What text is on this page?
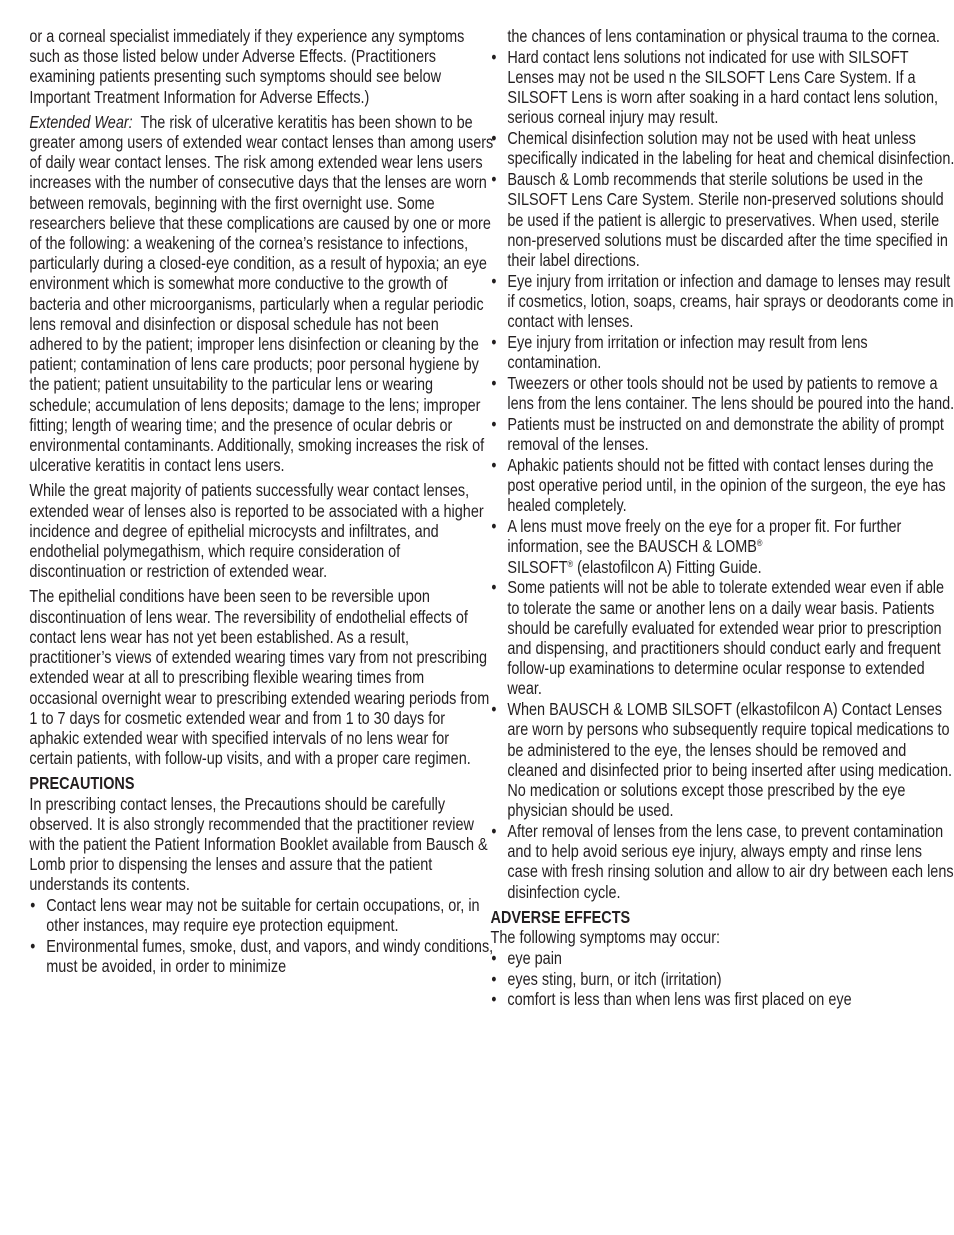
or a corneal specialist immediately if they experience any symptoms such as those listed below under Adverse Effects. (Practitioners examining patients presenting such symptoms should see below Important Treatment Information for Adverse Effects.)

Extended Wear: The risk of ulcerative keratitis has been shown to be greater among users of extended wear contact lenses than among users of daily wear contact lenses. The risk among extended wear lens users increases with the number of consecutive days that the lenses are worn between removals, beginning with the first overnight use. Some researchers believe that these complications are caused by one or more of the following: a weakening of the cornea’s resistance to infections, particularly during a closed-eye condition, as a result of hypoxia; an eye environment which is somewhat more conductive to the growth of bacteria and other microorganisms, particularly when a regular periodic lens removal and disinfection or disposal schedule has not been adhered to by the patient; improper lens disinfection or cleaning by the patient; contamination of lens care products; poor personal hygiene by the patient; patient unsuitability to the particular lens or wearing schedule; accumulation of lens deposits; damage to the lens; improper fitting; length of wearing time; and the presence of ocular debris or environmental contaminants. Additionally, smoking increases the risk of ulcerative keratitis in contact lens users.

While the great majority of patients successfully wear contact lenses, extended wear of lenses also is reported to be associated with a higher incidence and degree of epithelial microcysts and infiltrates, and endothelial polymegathism, which require consideration of discontinuation or restriction of extended wear.

The epithelial conditions have been seen to be reversible upon discontinuation of lens wear. The reversibility of endothelial effects of contact lens wear has not yet been established. As a result, practitioner’s views of extended wearing times vary from not prescribing extended wear at all to prescribing flexible wearing times from occasional overnight wear to prescribing extended wearing periods from 1 to 7 days for cosmetic extended wear and from 1 to 30 days for aphakic extended wear with specified intervals of no lens wear for certain patients, with follow-up visits, and with a proper care regimen.

PRECAUTIONS

In prescribing contact lenses, the Precautions should be carefully observed. It is also strongly recommended that the practitioner review with the patient the Patient Information Booklet available from Bausch & Lomb prior to dispensing the lenses and assure that the patient understands its contents.

• Contact lens wear may not be suitable for certain occupations, or, in other instances, may require eye protection equipment.
• Environmental fumes, smoke, dust, and vapors, and windy conditions, must be avoided, in order to minimize
the chances of lens contamination or physical trauma to the cornea.
• Hard contact lens solutions not indicated for use with SILSOFT Lenses may not be used n the SILSOFT Lens Care System. If a SILSOFT Lens is worn after soaking in a hard contact lens solution, serious corneal injury may result.
• Chemical disinfection solution may not be used with heat unless specifically indicated in the labeling for heat and chemical disinfection.
• Bausch & Lomb recommends that sterile solutions be used in the SILSOFT Lens Care System. Sterile non-preserved solutions should be used if the patient is allergic to preservatives. When used, sterile non-preserved solutions must be discarded after the time specified in their label directions.
• Eye injury from irritation or infection and damage to lenses may result if cosmetics, lotion, soaps, creams, hair sprays or deodorants come in contact with lenses.
• Eye injury from irritation or infection may result from lens contamination.
• Tweezers or other tools should not be used by patients to remove a lens from the lens container. The lens should be poured into the hand.
• Patients must be instructed on and demonstrate the ability of prompt removal of the lenses.
• Aphakic patients should not be fitted with contact lenses during the post operative period until, in the opinion of the surgeon, the eye has healed completely.
• A lens must move freely on the eye for a proper fit. For further information, see the BAUSCH & LOMB®
SILSOFT® (elastofilcon A) Fitting Guide.
• Some patients will not be able to tolerate extended wear even if able to tolerate the same or another lens on a daily wear basis. Patients should be carefully evaluated for extended wear prior to prescription and dispensing, and practitioners should conduct early and frequent follow-up examinations to determine ocular response to extended wear.
• When BAUSCH & LOMB SILSOFT (elkastofilcon A) Contact Lenses are worn by persons who subsequently require topical medications to be administered to the eye, the lenses should be removed and cleaned and disinfected prior to being inserted after using medication. No medication or solutions except those prescribed by the eye physician should be used.
• After removal of lenses from the lens case, to prevent contamination and to help avoid serious eye injury, always empty and rinse lens case with fresh rinsing solution and allow to air dry between each lens disinfection cycle.
ADVERSE EFFECTS

The following symptoms may occur:

• eye pain
• eyes sting, burn, or itch (irritation)
• comfort is less than when lens was first placed on eye
